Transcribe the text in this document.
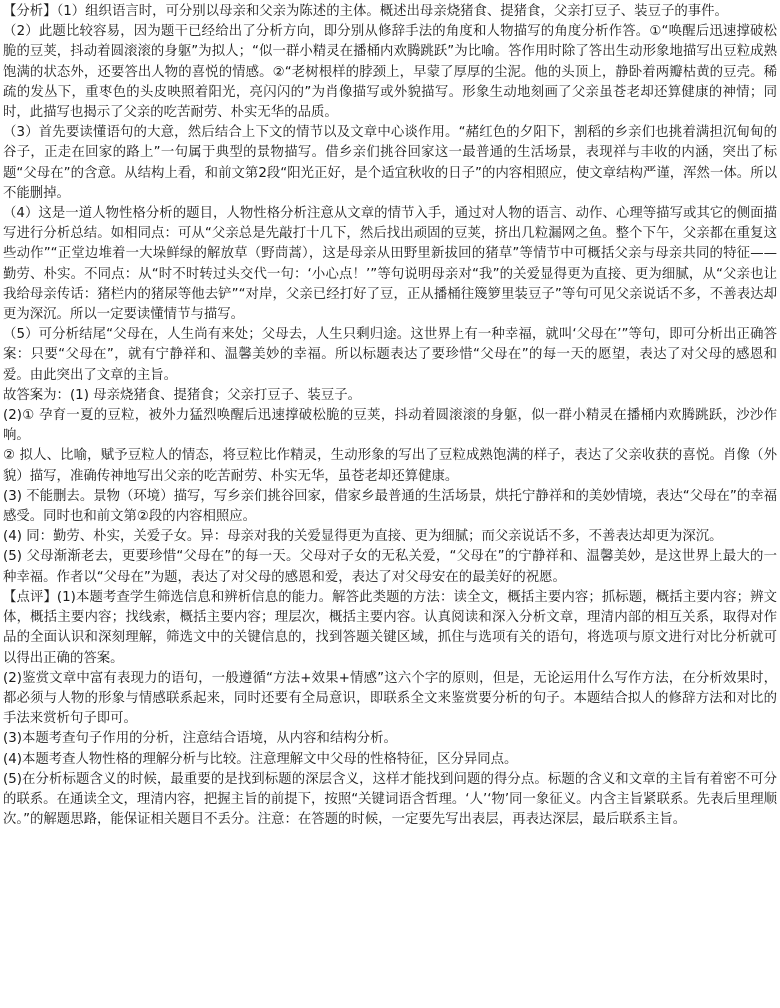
【分析】（1）组织语言时，可分别以母亲和父亲为陈述的主体。概述出母亲烧猪食、提猪食，父亲打豆子、装豆子的事件。

（2）此题比较容易，因为题干已经给出了分析方向，即分别从修辞手法的角度和人物描写的角度分析作答。①“唤醒后迅速撑破松脆的豆荚，抖动着圆滚滚的身躯”为拟人；“似一群小精灵在播桶内欢腾跳跃”为比喻。答作用时除了答出生动形象地描写出豆粒成熟饱满的状态外，还要答出人物的喜悦的情感。②“老树根样的脖颈上，早蒙了厚厚的尘泥。他的头顶上，静卧着两瓣枯黄的豆壳。稀疏的发丛下，重枣色的头皮映照着阳光，亮闪闪的”为肖像描写或外貌描写。形象生动地刻画了父亲虽苍老却还算健康的神情；同时，此描写也揭示了父亲的吃苦耐劳、朴实无华的品质。

（3）首先要读懂语句的大意，然后结合上下文的情节以及文章中心谈作用。“赭红色的夕阳下，割稻的乡亲们也挑着满担沉甸甸的谷子，正走在回家的路上”一句属于典型的景物描写。借乡亲们挑谷回家这一最普通的生活场景，表现祥与丰收的内涵，突出了标题“父母在”的含意。从结构上看，和前文第2段“阳光正好，是个适宜秋收的日子”的内容相照应，使文章结构严谨，浑然一体。所以不能删掉。

（4）这是一道人物性格分析的题目，人物性格分析注意从文章的情节入手，通过对人物的语言、动作、心理等描写或其它的侧面描写进行分析总结。如相同点：可从“父亲总是先敲打十几下，然后找出顽固的豆荚，挤出几粒漏网之鱼。整个下午，父亲都在重复这些动作”“正堂边堆着一大垛鲜绿的解放草（野茼蒿），这是母亲从田野里新拔回的猪草”等情节中可概括父亲与母亲共同的特征——勤劳、朴实。不同点：从“时不时转过头交代一句：‘小心点！’”等句说明母亲对“我”的关爱显得更为直接、更为细腻，从“父亲也让我给母亲传话：猪栏内的猪尿等他去铲”“对岸，父亲已经打好了豆，正从播桶往篾箩里装豆子”等句可见父亲说话不多，不善表达却更为深沉。所以一定要读懂情节与描写。

（5）可分析结尾“父母在，人生尚有来处；父母去，人生只剩归途。这世界上有一种幸福，就叫‘父母在’”等句，即可分析出正确答案：只要“父母在”，就有宁静祥和、温馨美妙的幸福。所以标题表达了要珍惜“父母在”的每一天的愿望，表达了对父母的感恩和爱。由此突出了文章的主旨。

故答案为：(1) 母亲烧猪食、提猪食；父亲打豆子、装豆子。

(2)① 孕育一夏的豆粒，被外力猛烈唤醒后迅速撑破松脆的豆荚，抖动着圆滚滚的身躯，似一群小精灵在播桶内欢腾跳跃，沙沙作响。

② 拟人、比喻，赋予豆粒人的情态，将豆粒比作精灵，生动形象的写出了豆粒成熟饱满的样子，表达了父亲收获的喜悦。肖像（外貌）描写，准确传神地写出父亲的吃苦耐劳、朴实无华，虽苍老却还算健康。

(3) 不能删去。景物（环境）描写，写乡亲们挑谷回家，借家乡最普通的生活场景，烘托宁静祥和的美妙情境，表达“父母在”的幸福感受。同时也和前文第②段的内容相照应。

(4) 同：勤劳、朴实，关爱子女。异：母亲对我的关爱显得更为直接、更为细腻；而父亲说话不多，不善表达却更为深沉。

(5) 父母渐渐老去，更要珍惜“父母在”的每一天。父母对子女的无私关爱，“父母在”的宁静祥和、温馨美妙，是这世界上最大的一种幸福。作者以“父母在”为题，表达了对父母的感恩和爱，表达了对父母安在的最美好的祝愿。

【点评】(1)本题考查学生筛选信息和辨析信息的能力。解答此类题的方法：读全文，概括主要内容；抓标题，概括主要内容；辨文体，概括主要内容；找线索，概括主要内容；理层次，概括主要内容。认真阅读和深入分析文章，理清内部的相互关系，取得对作品的全面认识和深刻理解，筛选文中的关键信息的，找到答题关键区域，抓住与选项有关的语句，将选项与原文进行对比分析就可以得出正确的答案。

(2)鉴赏文章中富有表现力的语句，一般遵循“方法+效果+情感”这六个字的原则，但是，无论运用什么写作方法，在分析效果时，都必须与人物的形象与情感联系起来，同时还要有全局意识，即联系全文来鉴赏要分析的句子。本题结合拟人的修辞方法和对比的手法来赏析句子即可。

(3)本题考查句子作用的分析，注意结合语境，从内容和结构分析。

(4)本题考查人物性格的理解分析与比较。注意理解文中父母的性格特征，区分异同点。

(5)在分析标题含义的时候，最重要的是找到标题的深层含义，这样才能找到问题的得分点。标题的含义和文章的主旨有着密不可分的联系。在通读全文，理清内容，把握主旨的前提下，按照“关键词语含哲理。‘人’‘物’同一象征义。内含主旨紧联系。先表后里理顺次。”的解题思路，能保证相关题目不丢分。注意：在答题的时候，一定要先写出表层，再表达深层，最后联系主旨。
